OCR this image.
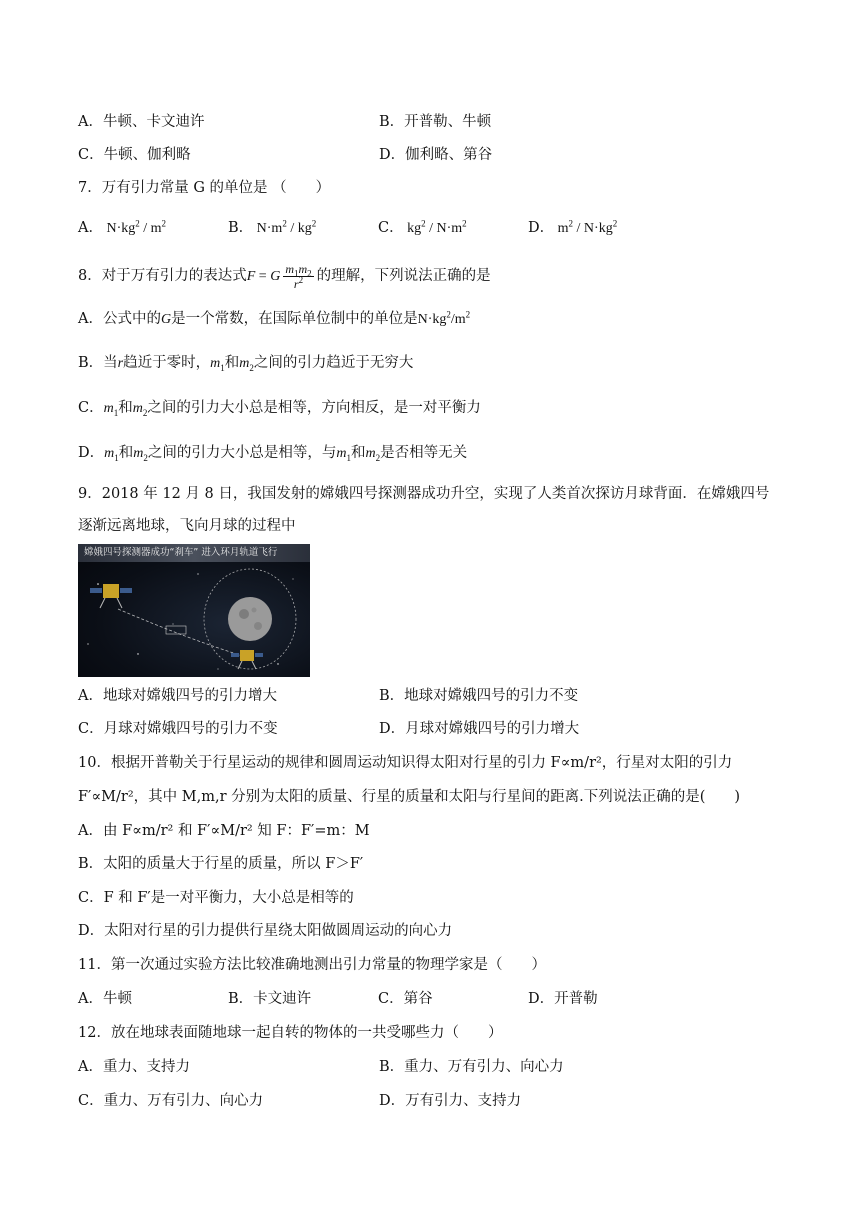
A．牛顿、卡文迪许	B．开普勒、牛顿
C．牛顿、伽利略	D．伽利略、第谷
7．万有引力常量 G 的单位是 （　　）
A． $N\cdot kg^2 / m^2$	B． $N\cdot m^2 / kg^2$	C． $kg^2 / N\cdot m^2$	D． $m^2 / N\cdot kg^2$
8．对于万有引力的表达式F = G $\frac{m_1m_2}{r^2}$ 的理解，下列说法正确的是
A．公式中的G是一个常数，在国际单位制中的单位是$N\cdot kg^2/m^2$
B．当r趋近于零时，$m_1$和$m_2$之间的引力趋近于无穷大
C．$m_1$和$m_2$之间的引力大小总是相等，方向相反，是一对平衡力
D．$m_1$和$m_2$之间的引力大小总是相等，与$m_1$和$m_2$是否相等无关
9．2018 年 12 月 8 日，我国发射的嫦娥四号探测器成功升空，实现了人类首次探访月球背面．在嫦娥四号
逐渐远离地球，飞向月球的过程中
嫦娥四号探测器成功“刹车” 进入环月轨道飞行
A．地球对嫦娥四号的引力增大	B．地球对嫦娥四号的引力不变
C．月球对嫦娥四号的引力不变	D．月球对嫦娥四号的引力增大
10．根据开普勒关于行星运动的规律和圆周运动知识得太阳对行星的引力 F∝m/r²，行星对太阳的引力
F′∝M/r²，其中 M,m,r 分别为太阳的质量、行星的质量和太阳与行星间的距离.下列说法正确的是(　　)
A．由 F∝m/r² 和 F′∝M/r² 知 F：F′=m：M
B．太阳的质量大于行星的质量，所以 F＞F′
C．F 和 F′是一对平衡力，大小总是相等的
D．太阳对行星的引力提供行星绕太阳做圆周运动的向心力
11．第一次通过实验方法比较准确地测出引力常量的物理学家是（　　）
A．牛顿	B．卡文迪许	C．第谷	D．开普勒
12．放在地球表面随地球一起自转的物体的一共受哪些力（　　）
A．重力、支持力	B．重力、万有引力、向心力
C．重力、万有引力、向心力	D．万有引力、支持力
